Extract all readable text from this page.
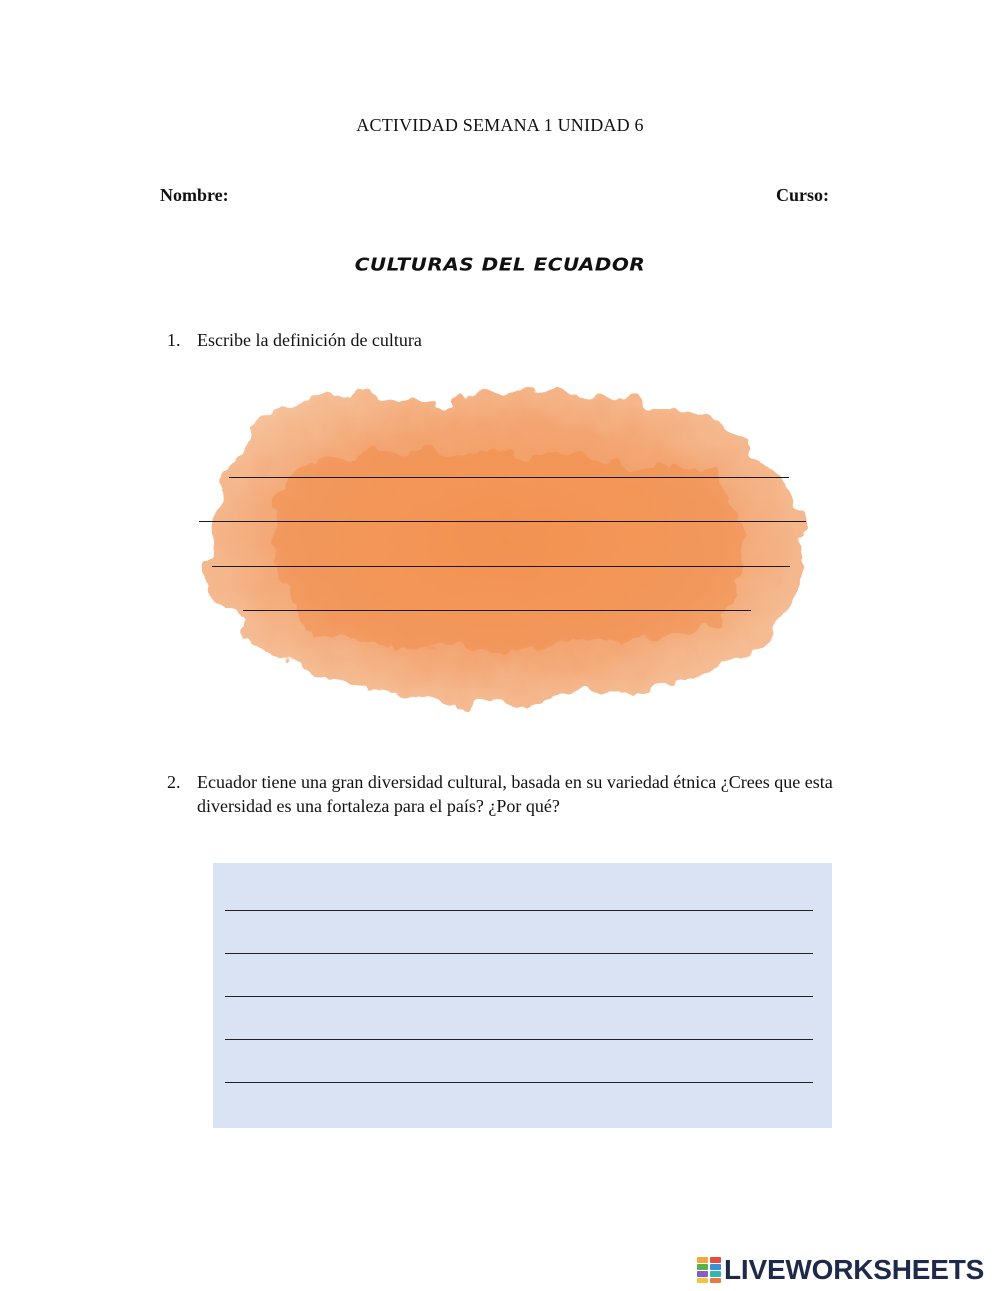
ACTIVIDAD SEMANA 1 UNIDAD 6
Nombre:	Curso:
CULTURAS DEL ECUADOR
1. Escribe la definición de cultura
2. Ecuador tiene una gran diversidad cultural, basada en su variedad étnica ¿Crees que esta diversidad es una fortaleza para el país? ¿Por qué?
LIVEWORKSHEETS
